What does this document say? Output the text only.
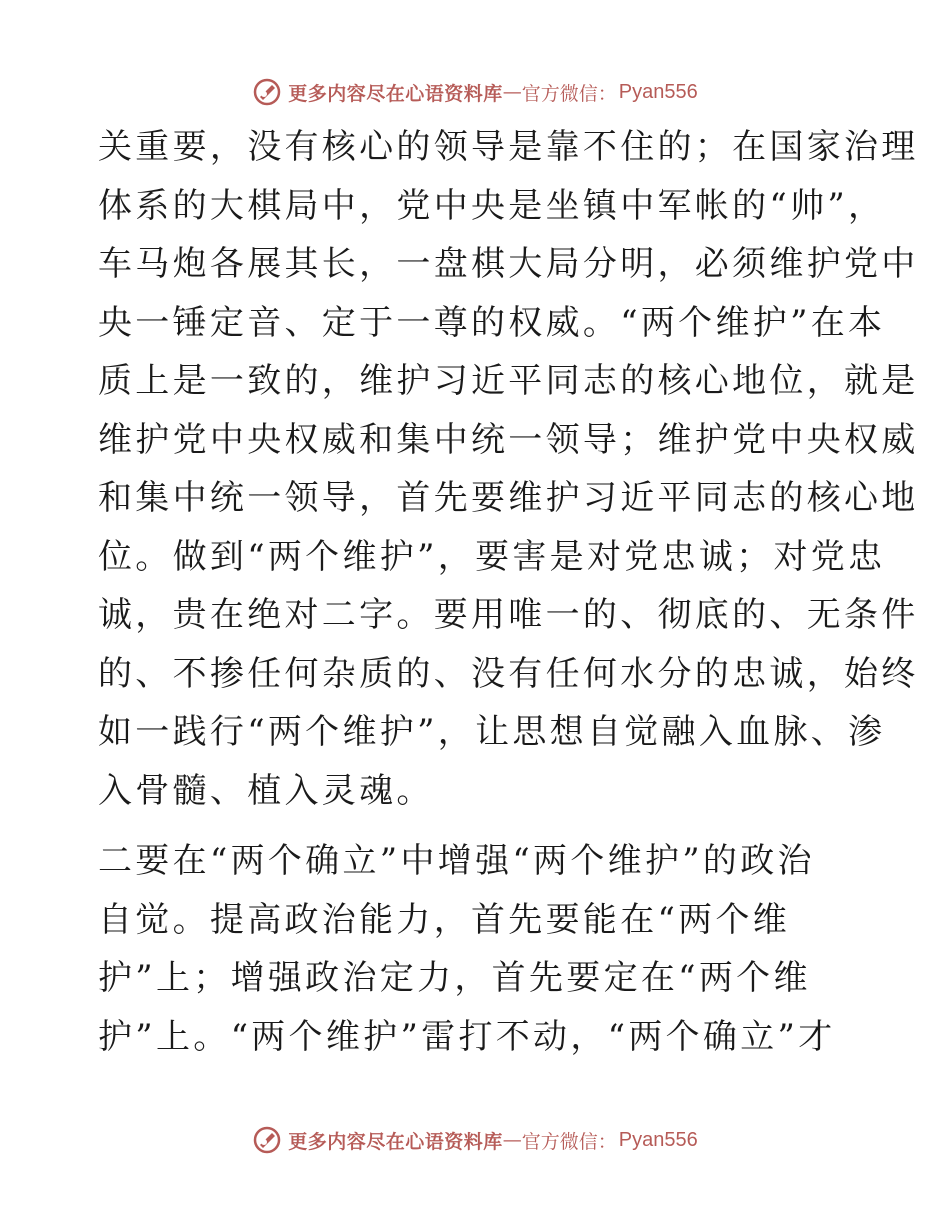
更多内容尽在心语资料库 — 官方微信： Pyan556
关重要，没有核心的领导是靠不住的；在国家治理
体系的大棋局中，党中央是坐镇中军帐的“帅”，
车马炮各展其长，一盘棋大局分明，必须维护党中
央一锤定音、定于一尊的权威。“两个维护”在本
质上是一致的，维护习近平同志的核心地位，就是
维护党中央权威和集中统一领导；维护党中央权威
和集中统一领导，首先要维护习近平同志的核心地
位。做到“两个维护”，要害是对党忠诚；对党忠
诚，贵在绝对二字。要用唯一的、彻底的、无条件
的、不掺任何杂质的、没有任何水分的忠诚，始终
如一践行“两个维护”，让思想自觉融入血脉、渗
入骨髓、植入灵魂。
二要在“两个确立”中增强“两个维护”的政治
自觉。提高政治能力，首先要能在“两个维
护”上；增强政治定力，首先要定在“两个维
护”上。“两个维护”雷打不动，“两个确立”才
更多内容尽在心语资料库 — 官方微信： Pyan556
